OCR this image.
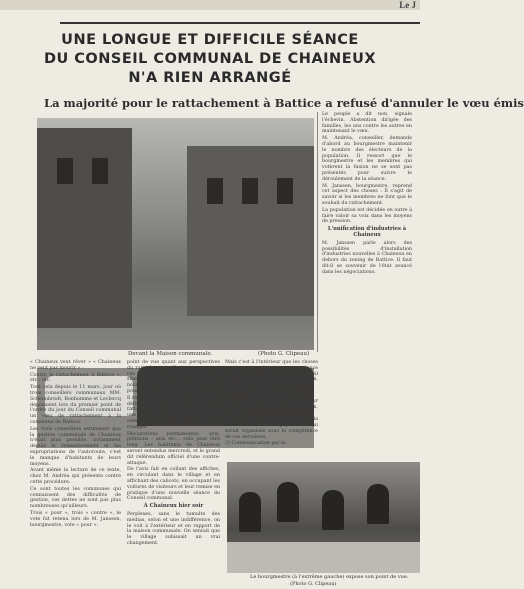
Le J
UNE LONGUE ET DIFFICILE SÉANCE
DU CONSEIL COMMUNAL DE CHAINEUX
N'A RIEN ARRANGÉ
La majorité pour le rattachement à Battice a refusé d'annuler le vœu émis
Devant la Maison communale.	(Photo G. Clipeau)

Le peuple a dit non, signale l'échevin. Abstention dirigée des familles, les uns contre les autres en maintenant le vœu.

M. Andréa, conseiller, demande d'abord au bourgmestre maintenir le nombre des électeurs de la population. Il ressort que le bourgmestre et les membres qui votèrent la fusion ne se sont pas présentés pour suivre le déroulement de la séance.

M. Janssen, bourgmestre, reprend cet aspect des choses : Il s'agit de savoir si les membres ne font que le souhait du rattachement.

La population est décidée en outre à faire valoir sa voix dans les moyens de pression.

L'unification d'industries à Chaineux

M. Janssen parle alors des possibilités d'installation d'industries nouvelles à Chaineux en dehors du zoning de Battice. Il faut dit-il se souvenir de l'état avancé dans les négociations.

« Chaineux veut rêver » « Chaineux ne veut pas mourir » :

Contre le rattachement à Battice », etc., etc.

Tout cela depuis le 11 mars, jour où trois conseillers communaux MM. Schoonbrodt, Bonhomme et Leclercq déposaient lors du premier point de l'ordre du jour du Conseil communal un vœu de rattachement à la commune de Battice.

Les trois conseillers estimaient que la gestion communale de Chaineux n'était plus possible, notamment depuis le remembrement et les expropriations de l'autoroute, c'est le manque d'habitants de leurs moyens.

Avant même la lecture de ce texte, chez M. Andréa qui présente contre cette procédure.

Ce sont toutes les communes qui connaissent des difficultés de gestion, ces dettes ne sont pas plus nombreuses qu'ailleurs.

Trois « pour », trois « contre », le vote fut retenu lors de M. Janssen, bourgmestre, vote « pour ».

point de vue quant aux perspectives du rattachement. Un texte reprenant ces raisons fut distribué en fin de séance (pétition). Il se termine notamment en vue que nul bien voté pour et une abstention.

Il restait alors pour que Chaineux soit définitivement rayé de la carte et rattaché à Battice à moins de toute une procédure : maints administratives aux multiples rouages.

Déclarations permanentes, avis, pétitions : avis etc... cela peut être long. Les habitants de Chaineux seront entendus mercredi, et le grand dit référendum officiel d'une contre-attaque.

De l'avis fait en collant des affiches, en circulant dans le village et en affichant des calicots, en occupant les voitures de visiteurs et leur remise en pratique d'une nouvelle séance du Conseil communal.

À Chaineux hier soir

Perplexes, sans le tumulte des médias, selon et une indifférence, on le voit à l'extérieur et en rapport de la maison communale. On sentait que le village subissait un vrai changement.

Mais c'est à l'intérieur que les choses sont commencées avec une séance longue et difficile du Conseil communal présidé par M. Janssen, bourgmestre.

À l'ordre du jour

Cinq points à l'ordre du jour intéressant le problème de la fusion, les voici :

1) Le vœu du résultat de la consultation de la population qui serait organisée sous la compétence de ces dernières.

2) Communication par le

Le bourgmestre (à l'extrême gauche) expose son point de vue.
(Photo G. Clipeau)
